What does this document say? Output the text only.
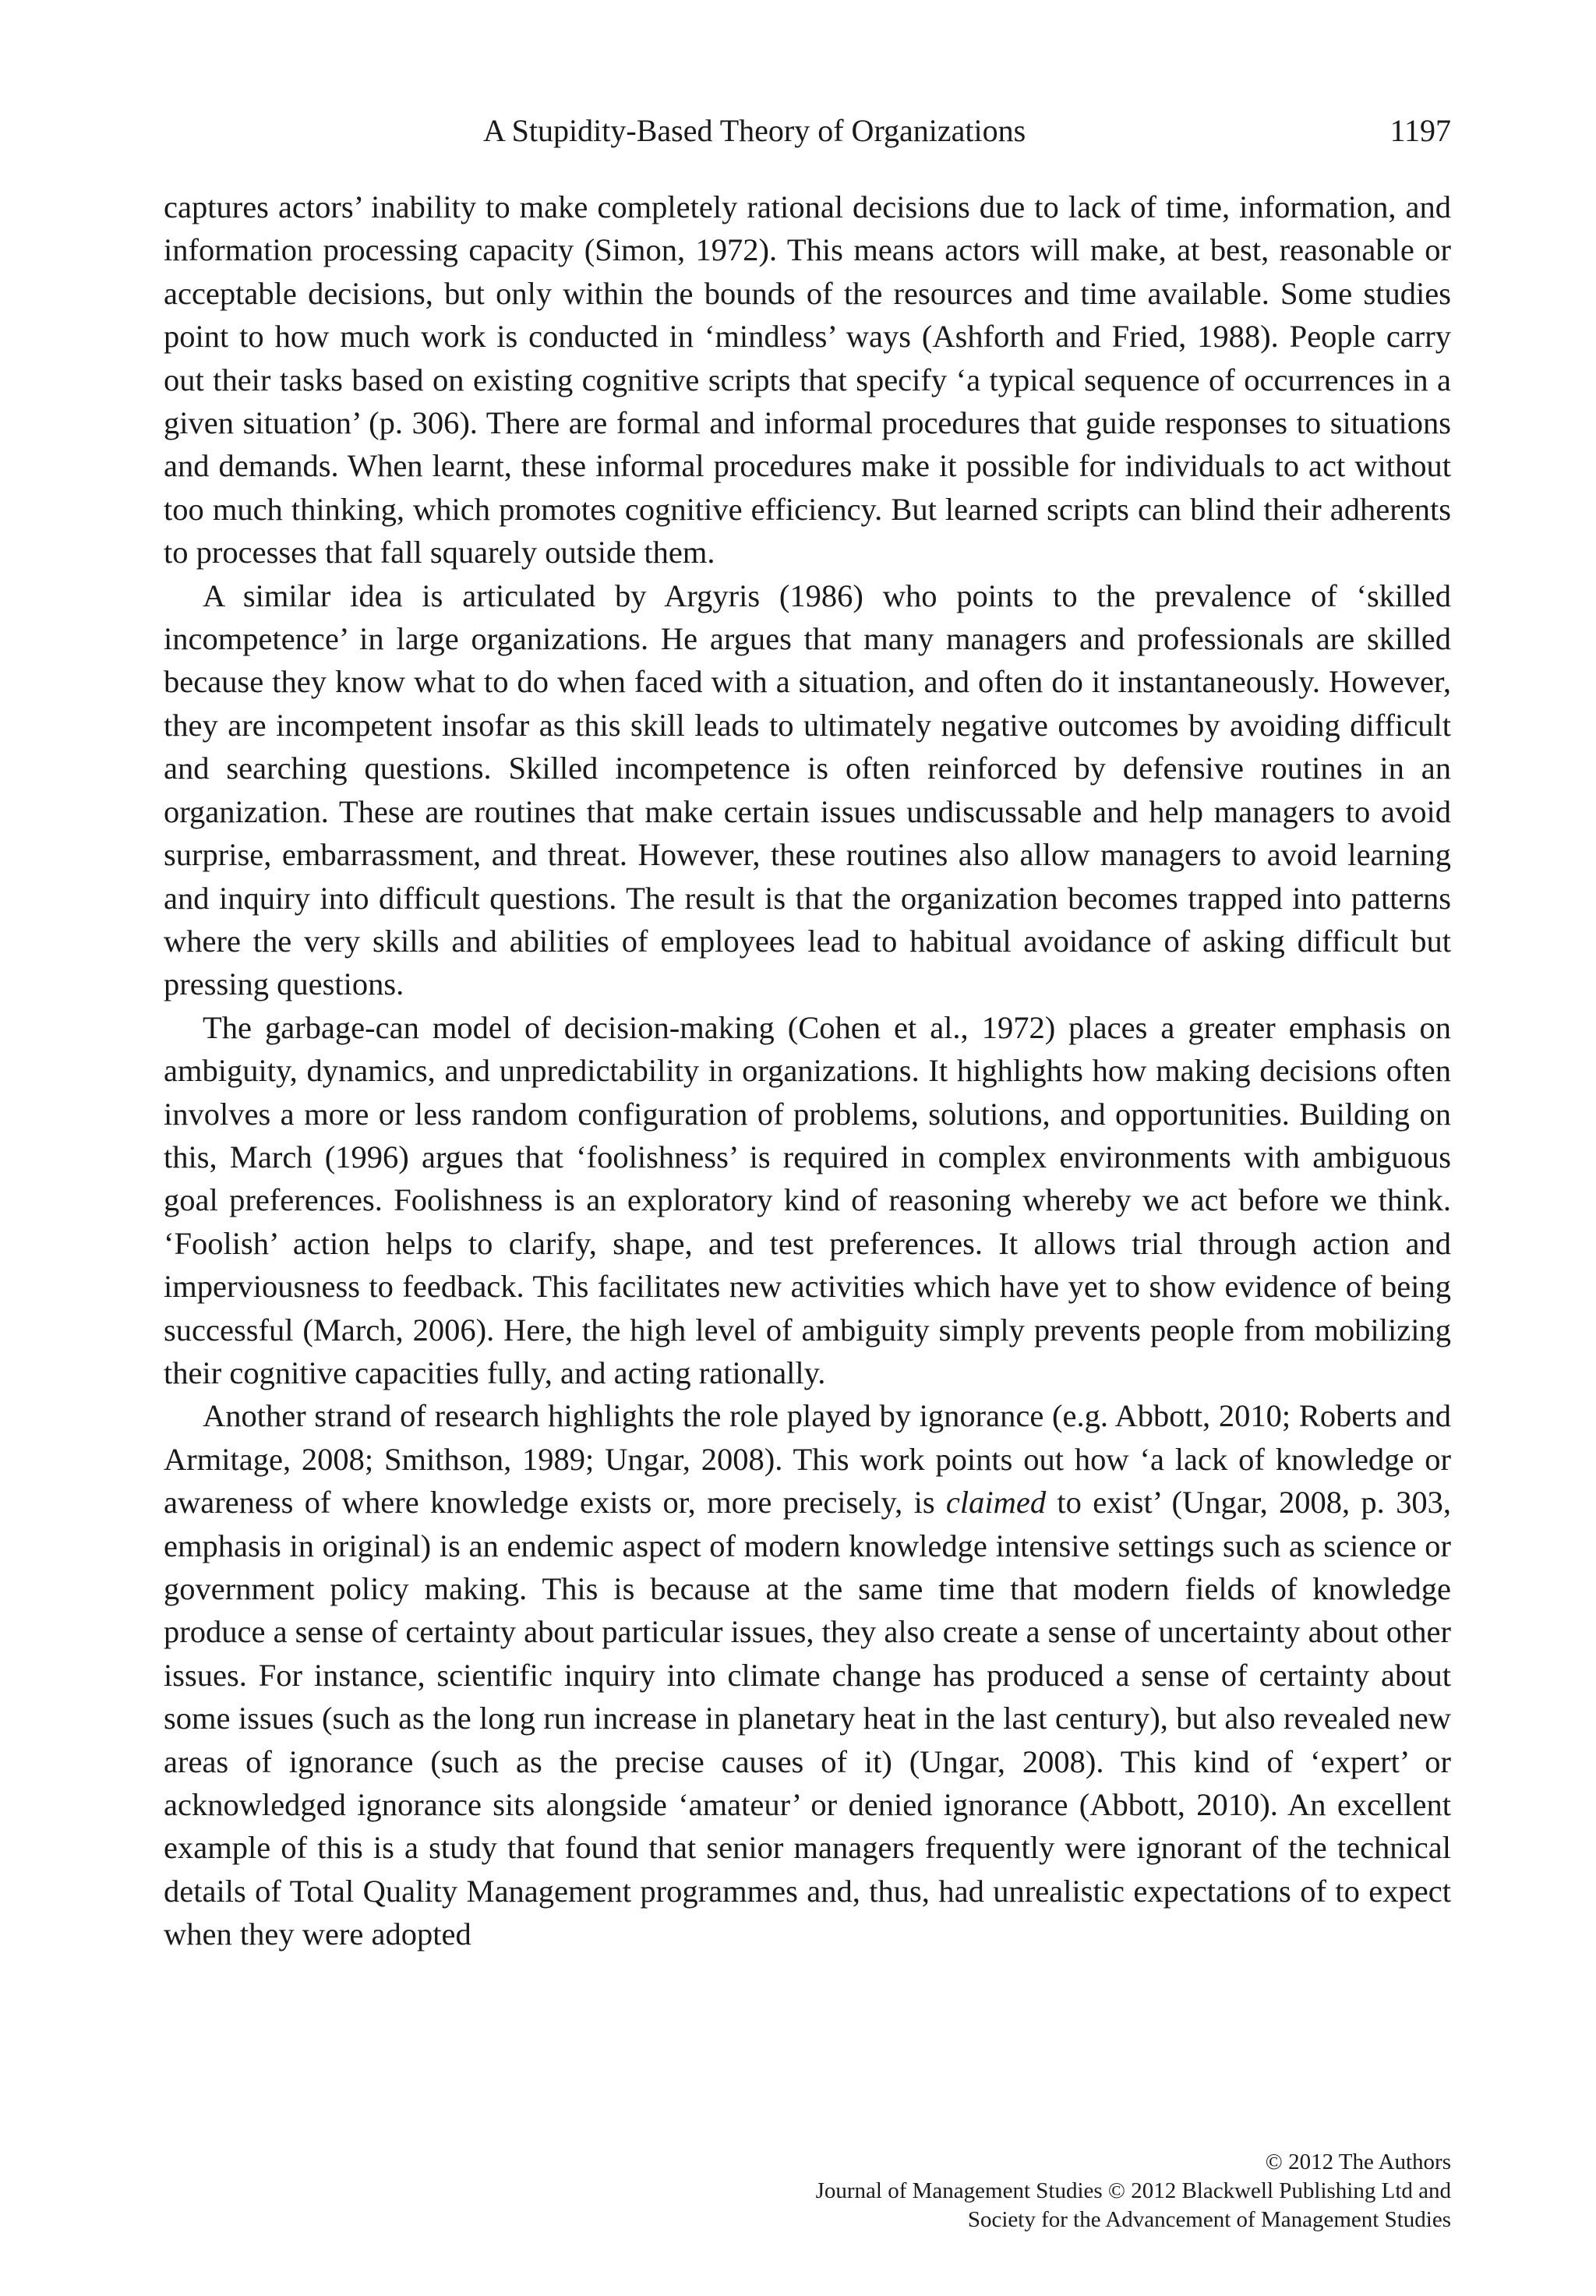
A Stupidity-Based Theory of Organizations	1197

captures actors’ inability to make completely rational decisions due to lack of time, information, and information processing capacity (Simon, 1972). This means actors will make, at best, reasonable or acceptable decisions, but only within the bounds of the resources and time available. Some studies point to how much work is conducted in ‘mindless’ ways (Ashforth and Fried, 1988). People carry out their tasks based on existing cognitive scripts that specify ‘a typical sequence of occurrences in a given situation’ (p. 306). There are formal and informal procedures that guide responses to situations and demands. When learnt, these informal procedures make it possible for individuals to act without too much thinking, which promotes cognitive efficiency. But learned scripts can blind their adherents to processes that fall squarely outside them.

A similar idea is articulated by Argyris (1986) who points to the prevalence of ‘skilled incompetence’ in large organizations. He argues that many managers and professionals are skilled because they know what to do when faced with a situation, and often do it instantaneously. However, they are incompetent insofar as this skill leads to ultimately negative outcomes by avoiding difficult and searching questions. Skilled incompetence is often reinforced by defensive routines in an organization. These are routines that make certain issues undiscussable and help managers to avoid surprise, embarrassment, and threat. However, these routines also allow managers to avoid learning and inquiry into difficult questions. The result is that the organization becomes trapped into patterns where the very skills and abilities of employees lead to habitual avoidance of asking difficult but pressing questions.

The garbage-can model of decision-making (Cohen et al., 1972) places a greater emphasis on ambiguity, dynamics, and unpredictability in organizations. It highlights how making decisions often involves a more or less random configuration of problems, solutions, and opportunities. Building on this, March (1996) argues that ‘foolishness’ is required in complex environments with ambiguous goal preferences. Foolishness is an exploratory kind of reasoning whereby we act before we think. ‘Foolish’ action helps to clarify, shape, and test preferences. It allows trial through action and imperviousness to feedback. This facilitates new activities which have yet to show evidence of being successful (March, 2006). Here, the high level of ambiguity simply prevents people from mobilizing their cognitive capacities fully, and acting rationally.

Another strand of research highlights the role played by ignorance (e.g. Abbott, 2010; Roberts and Armitage, 2008; Smithson, 1989; Ungar, 2008). This work points out how ‘a lack of knowledge or awareness of where knowledge exists or, more precisely, is claimed to exist’ (Ungar, 2008, p. 303, emphasis in original) is an endemic aspect of modern knowledge intensive settings such as science or government policy making. This is because at the same time that modern fields of knowledge produce a sense of certainty about particular issues, they also create a sense of uncertainty about other issues. For instance, scientific inquiry into climate change has produced a sense of certainty about some issues (such as the long run increase in planetary heat in the last century), but also revealed new areas of ignorance (such as the precise causes of it) (Ungar, 2008). This kind of ‘expert’ or acknowledged ignorance sits alongside ‘amateur’ or denied ignorance (Abbott, 2010). An excellent example of this is a study that found that senior managers frequently were ignorant of the technical details of Total Quality Management programmes and, thus, had unrealistic expectations of to expect when they were adopted

© 2012 The Authors
Journal of Management Studies © 2012 Blackwell Publishing Ltd and
Society for the Advancement of Management Studies
